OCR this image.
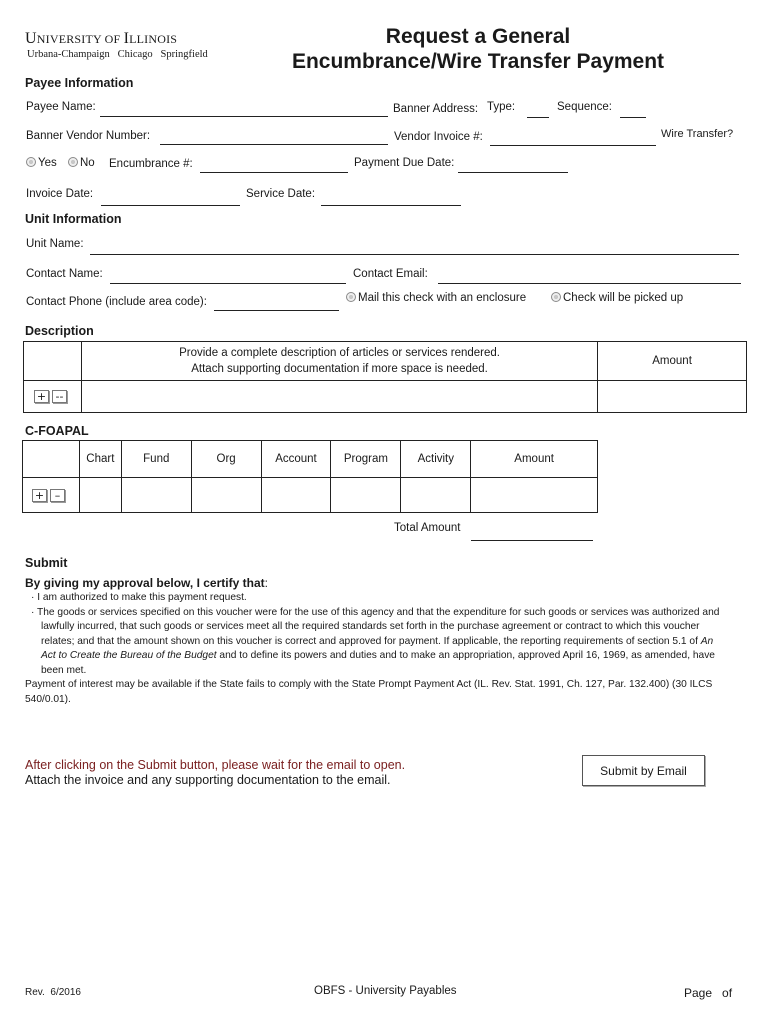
UNIVERSITY OF ILLINOIS
Urbana-Champaign   Chicago   Springfield
Request a General
Encumbrance/Wire Transfer Payment
Payee Information
Payee Name:	Banner Address: Type:	Sequence:
Banner Vendor Number:	Vendor Invoice #:	Wire Transfer?
Yes	No Encumbrance #:	Payment Due Date:
Invoice Date:	Service Date:
Unit Information
Unit Name:
Contact Name:	Contact Email:
Contact Phone (include area code):	Mail this check with an enclosure	Check will be picked up
Description

	Provide a complete description of articles or services rendered.
Attach supporting documentation if more space is needed.	Amount
+ --		
C-FOAPAL
	Chart	Fund	Org	Account	Program	Activity	Amount
+ –							
Total Amount
Submit
By giving my approval below, I certify that:
· I am authorized to make this payment request.
· The goods or services specified on this voucher were for the use of this agency and that the expenditure for such goods or services was authorized and
lawfully incurred, that such goods or services meet all the required standards set forth in the purchase agreement or contract to which this voucher
relates; and that the amount shown on this voucher is correct and approved for payment. If applicable, the reporting requirements of section 5.1 of An
Act to Create the Bureau of the Budget and to define its powers and duties and to make an appropriation, approved April 16, 1969, as amended, have
been met.
Payment of interest may be available if the State fails to comply with the State Prompt Payment Act (IL. Rev. Stat. 1991, Ch. 127, Par. 132.400) (30 ILCS
540/0.01).
After clicking on the Submit button, please wait for the email to open.
Attach the invoice and any supporting documentation to the email.
Submit by Email
Rev.  6/2016	OBFS - University Payables	Page   of
